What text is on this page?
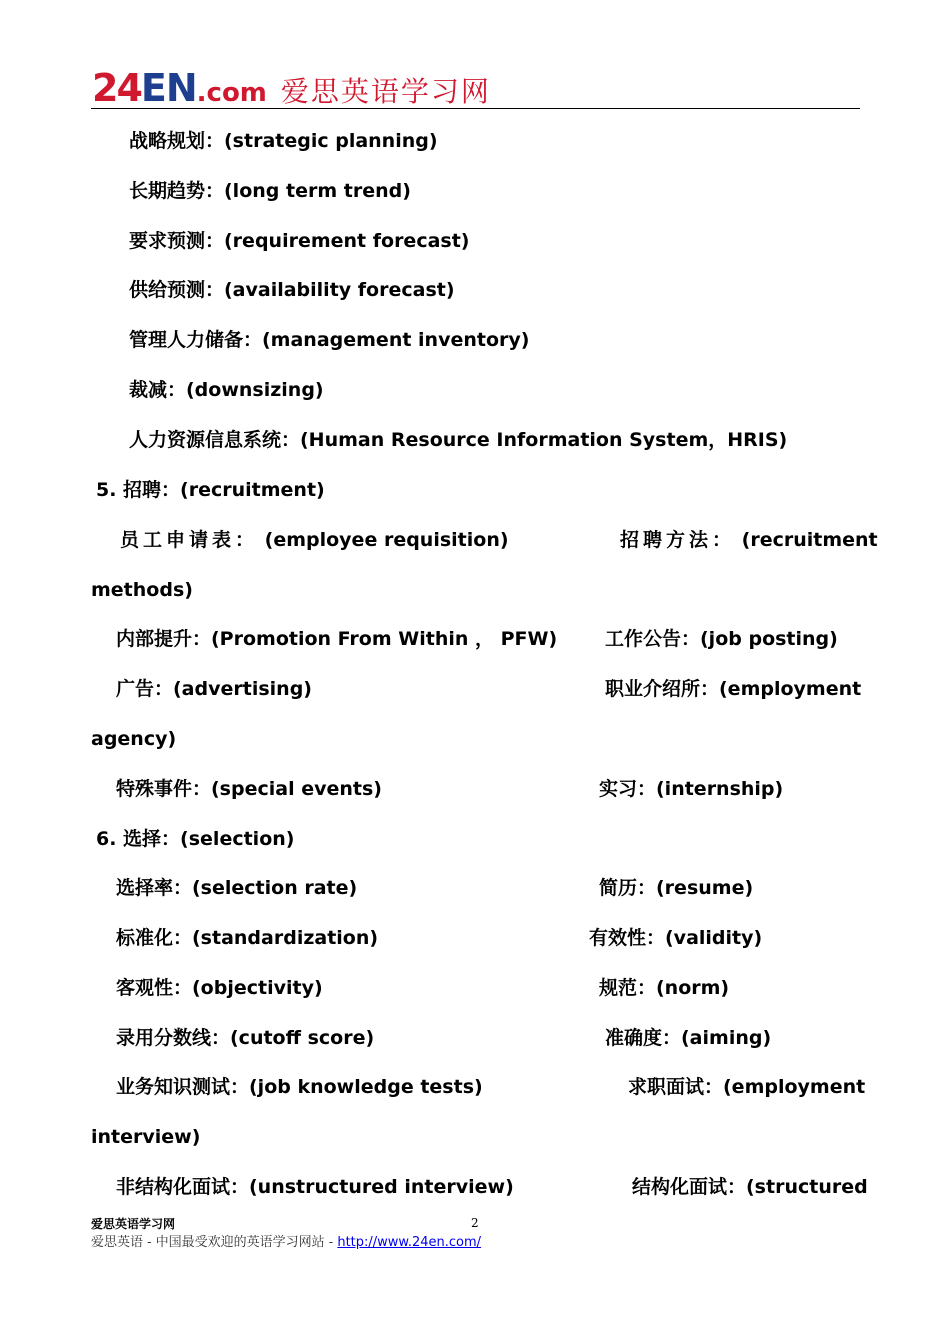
24EN.com 爱思英语学习网
战略规划：(strategic planning)
长期趋势：(long term trend)
要求预测：(requirement forecast)
供给预测：(availability forecast)
管理人力储备：(management inventory)
裁减：(downsizing)
人力资源信息系统：(Human Resource Information System，HRIS)
5. 招聘：(recruitment)
员工申请表： (employee requisition)	招聘方法： (recruitment
methods)
内部提升：(Promotion From Within ， PFW)	工作公告：(job posting)
广告：(advertising)	职业介绍所：(employment
agency)
特殊事件：(special events)	实习：(internship)
6. 选择：(selection)
选择率：(selection rate)	简历：(resume)
标准化：(standardization)	有效性：(validity)
客观性：(objectivity)	规范：(norm)
录用分数线：(cutoff score)	准确度：(aiming)
业务知识测试：(job knowledge tests)	求职面试：(employment
interview)
非结构化面试：(unstructured interview)	结构化面试：(structured
爱思英语学习网	2
爱思英语 - 中国最受欢迎的英语学习网站 - http://www.24en.com/
